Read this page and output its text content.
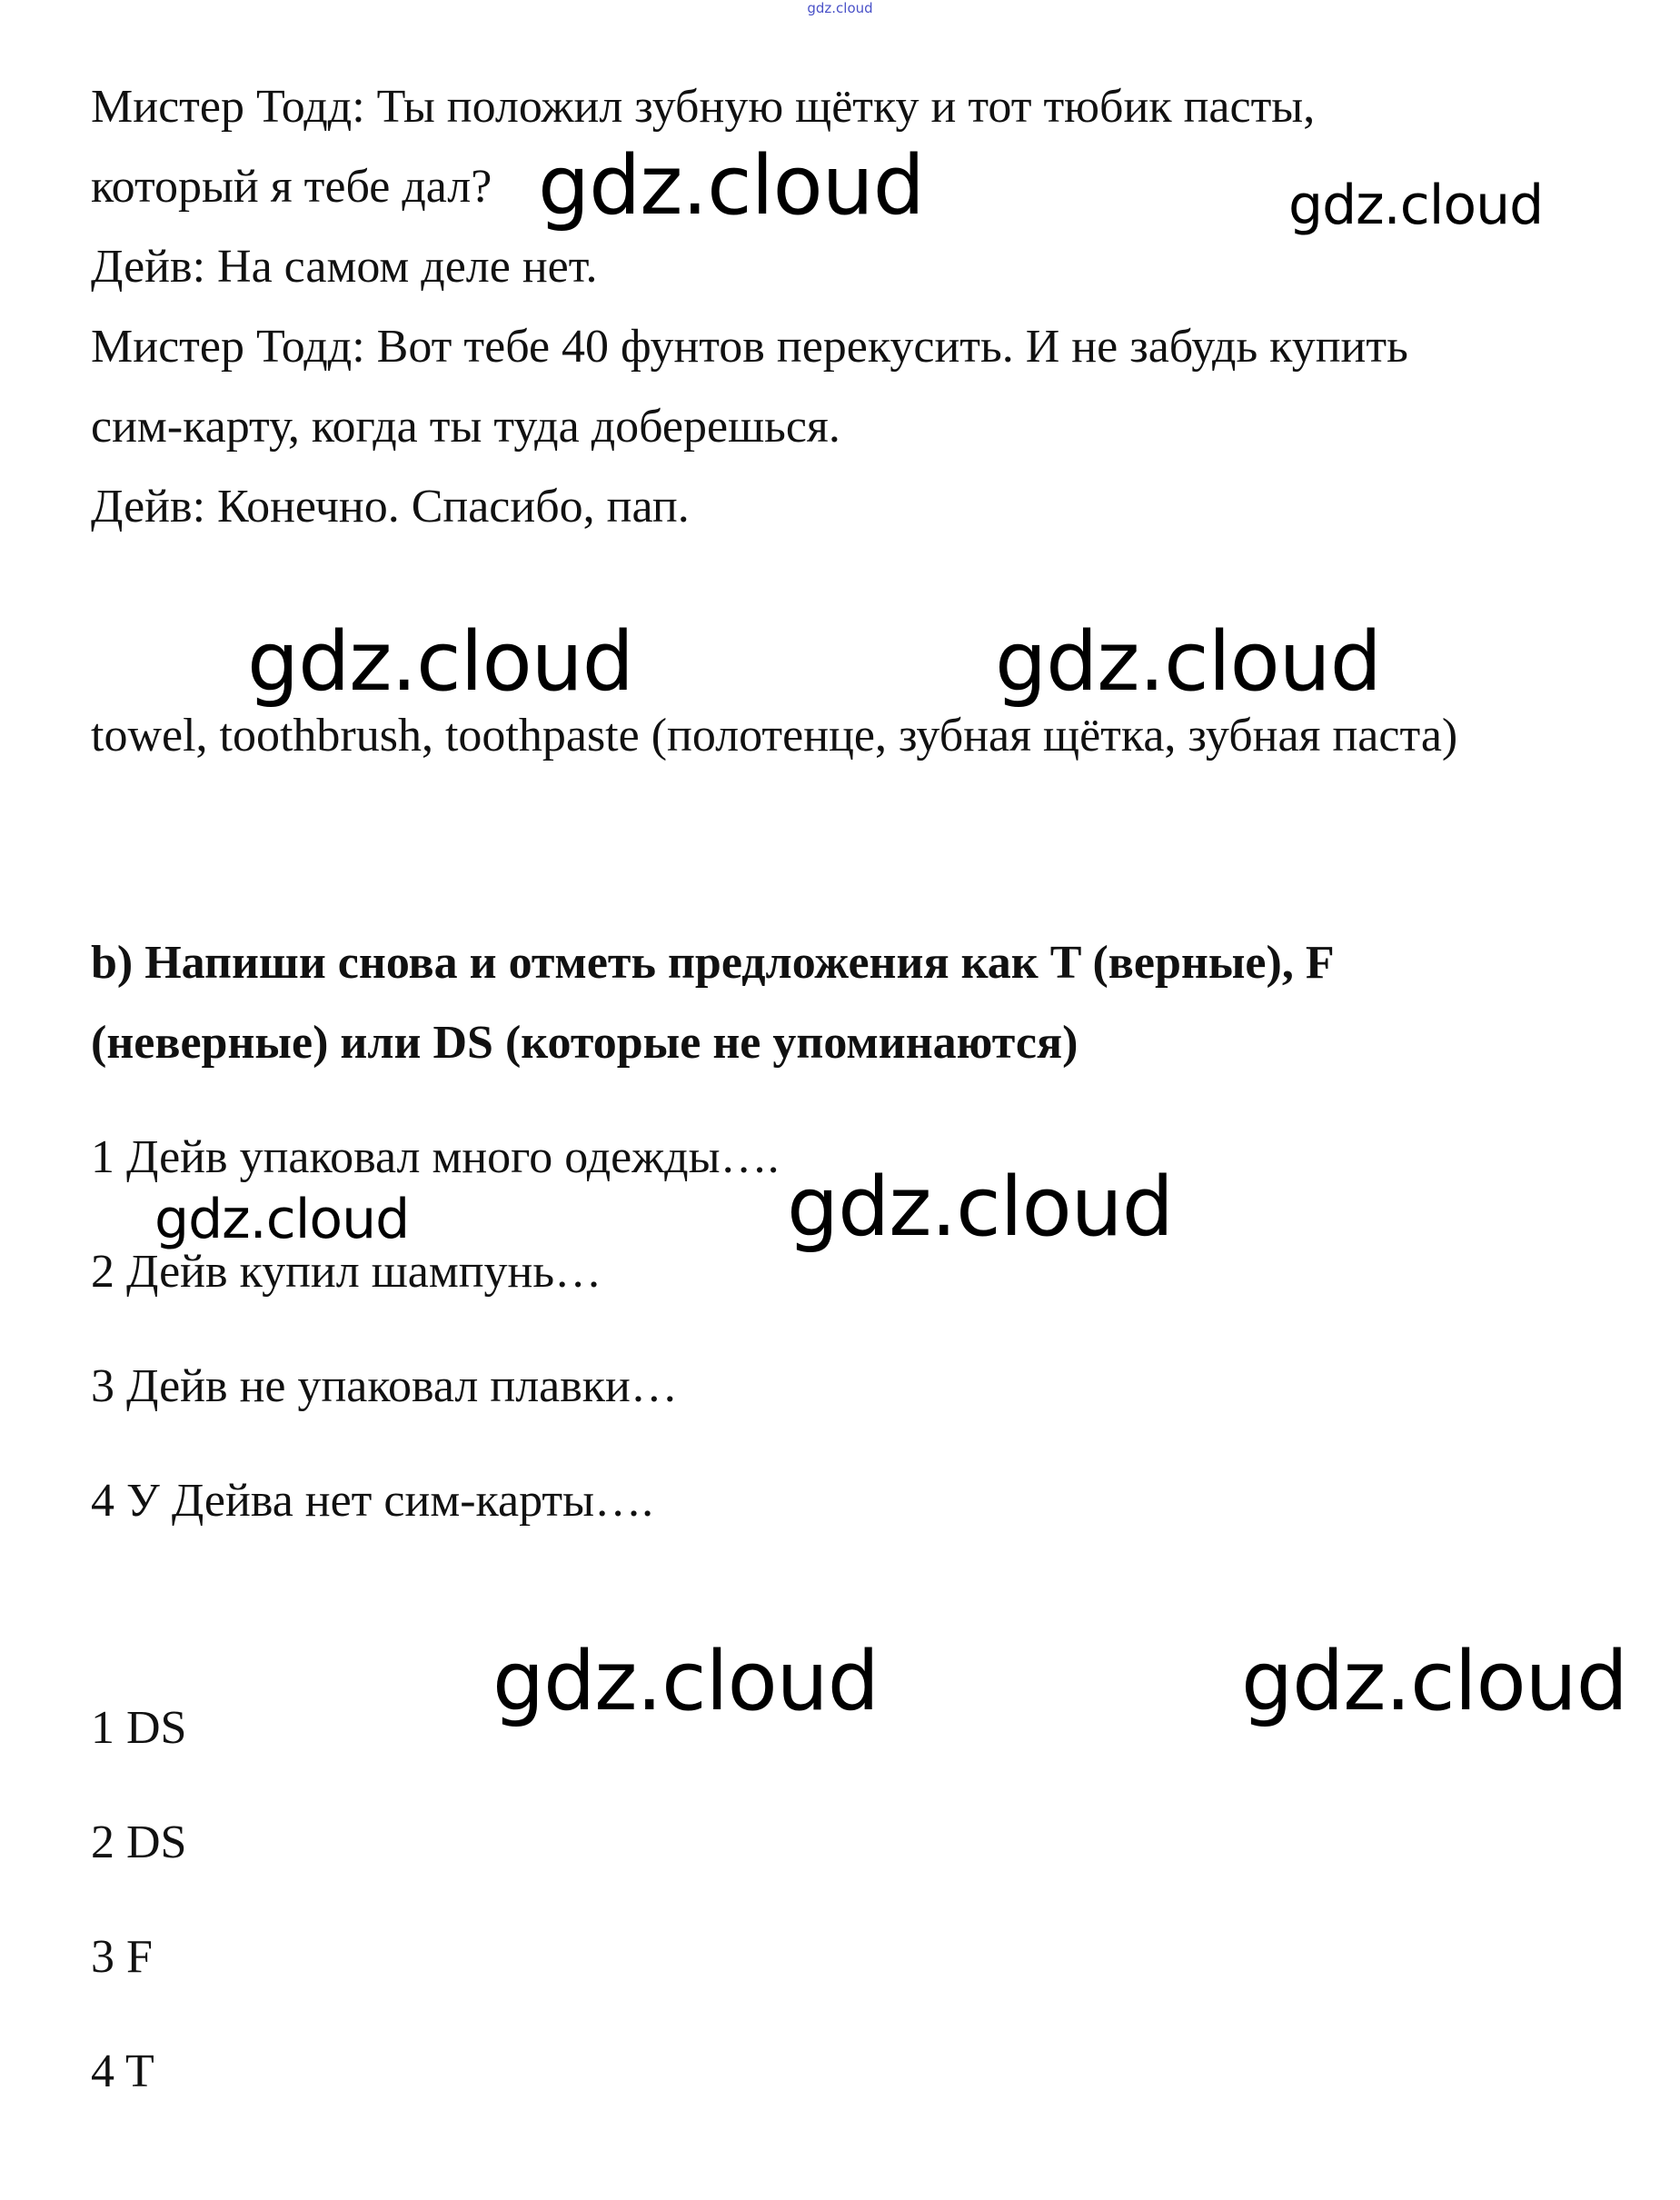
gdz.cloud
Мистер Тодд: Ты положил зубную щётку и тот тюбик пасты,
который я тебе дал?
Дейв: На самом деле нет.
Мистер Тодд: Вот тебе 40 фунтов перекусить. И не забудь купить
сим-карту, когда ты туда доберешься.
Дейв: Конечно. Спасибо, пап.
towel, toothbrush, toothpaste (полотенце, зубная щётка, зубная паста)
b) Напиши снова и отметь предложения как T (верные), F
(неверные) или DS (которые не упоминаются)
1 Дейв упаковал много одежды….
2 Дейв купил шампунь…
3 Дейв не упаковал плавки…
4 У Дейва нет сим-карты….
1 DS
2 DS
3 F
4 T
gdz.cloud	gdz.cloud
gdz.cloud	gdz.cloud
gdz.cloud
gdz.cloud
gdz.cloud	gdz.cloud
